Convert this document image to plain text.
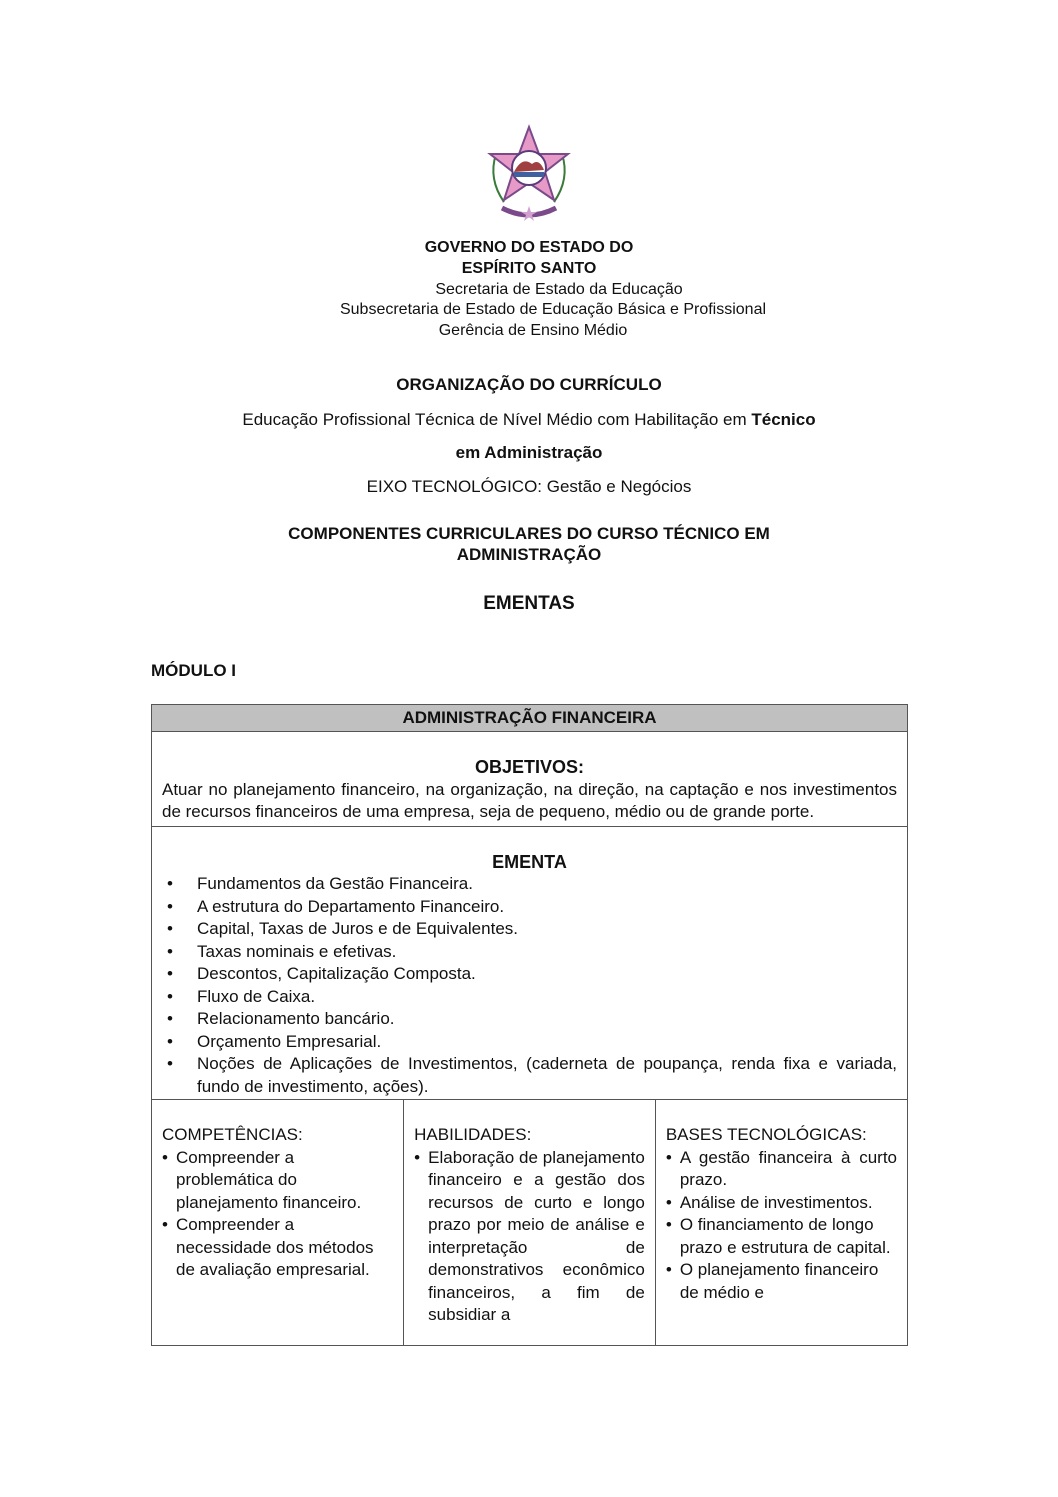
GOVERNO DO ESTADO DO
ESPÍRITO SANTO
Secretaria de Estado da Educação
Subsecretaria de Estado de Educação Básica e Profissional
Gerência de Ensino Médio
ORGANIZAÇÃO DO CURRÍCULO
Educação Profissional Técnica de Nível Médio com Habilitação em Técnico
em Administração
EIXO TECNOLÓGICO: Gestão e Negócios
COMPONENTES CURRICULARES DO CURSO TÉCNICO EM
ADMINISTRAÇÃO
EMENTAS
MÓDULO I
ADMINISTRAÇÃO FINANCEIRA

OBJETIVOS:
Atuar no planejamento financeiro, na organização, na direção, na captação e nos investimentos de recursos financeiros de uma empresa, seja de pequeno, médio ou de grande porte.

EMENTA
• Fundamentos da Gestão Financeira.
• A estrutura do Departamento Financeiro.
• Capital, Taxas de Juros e de Equivalentes.
• Taxas nominais e efetivas.
• Descontos, Capitalização Composta.
• Fluxo de Caixa.
• Relacionamento bancário.
• Orçamento Empresarial.
• Noções de Aplicações de Investimentos, (caderneta de poupança, renda fixa e variada, fundo de investimento, ações).

COMPETÊNCIAS:
• Compreender a problemática do planejamento financeiro.
• Compreender a necessidade dos métodos de avaliação empresarial.

HABILIDADES:
• Elaboração de planejamento financeiro e a gestão dos recursos de curto e longo prazo por meio de análise e interpretação de demonstrativos econômico financeiros, a fim de subsidiar a

BASES TECNOLÓGICAS:
• A gestão financeira à curto prazo.
• Análise de investimentos.
• O financiamento de longo prazo e estrutura de capital.
• O planejamento financeiro de médio e
